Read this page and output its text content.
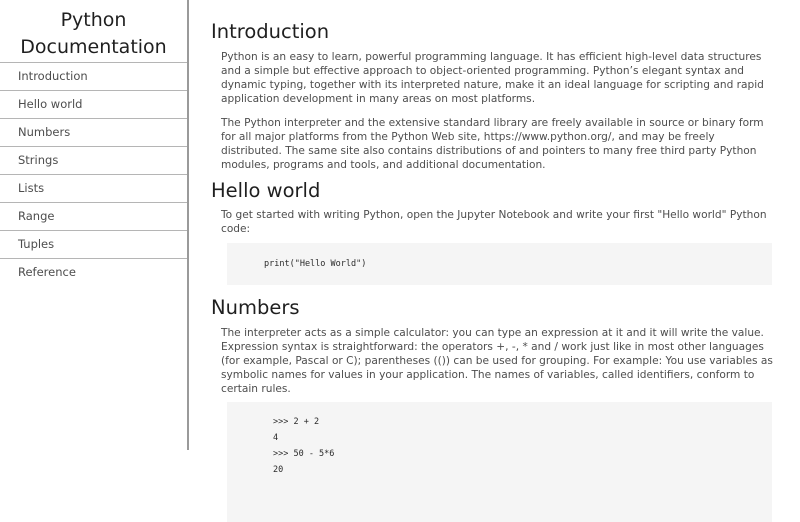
Python
Documentation
Introduction
Hello world
Numbers
Strings
Lists
Range
Tuples
Reference
Introduction

Python is an easy to learn, powerful programming language. It has efficient high-level data structures and a simple but effective approach to object-oriented programming. Python’s elegant syntax and dynamic typing, together with its interpreted nature, make it an ideal language for scripting and rapid application development in many areas on most platforms.

The Python interpreter and the extensive standard library are freely available in source or binary form for all major platforms from the Python Web site, https://www.python.org/, and may be freely distributed. The same site also contains distributions of and pointers to many free third party Python modules, programs and tools, and additional documentation.

Hello world

To get started with writing Python, open the Jupyter Notebook and write your first "Hello world" Python code:

print("Hello World")
Numbers

The interpreter acts as a simple calculator: you can type an expression at it and it will write the value. Expression syntax is straightforward: the operators +, -, * and / work just like in most other languages (for example, Pascal or C); parentheses (()) can be used for grouping. For example: You use variables as symbolic names for values in your application. The names of variables, called identifiers, conform to certain rules.

>>> 2 + 2
4
>>> 50 - 5*6
20
